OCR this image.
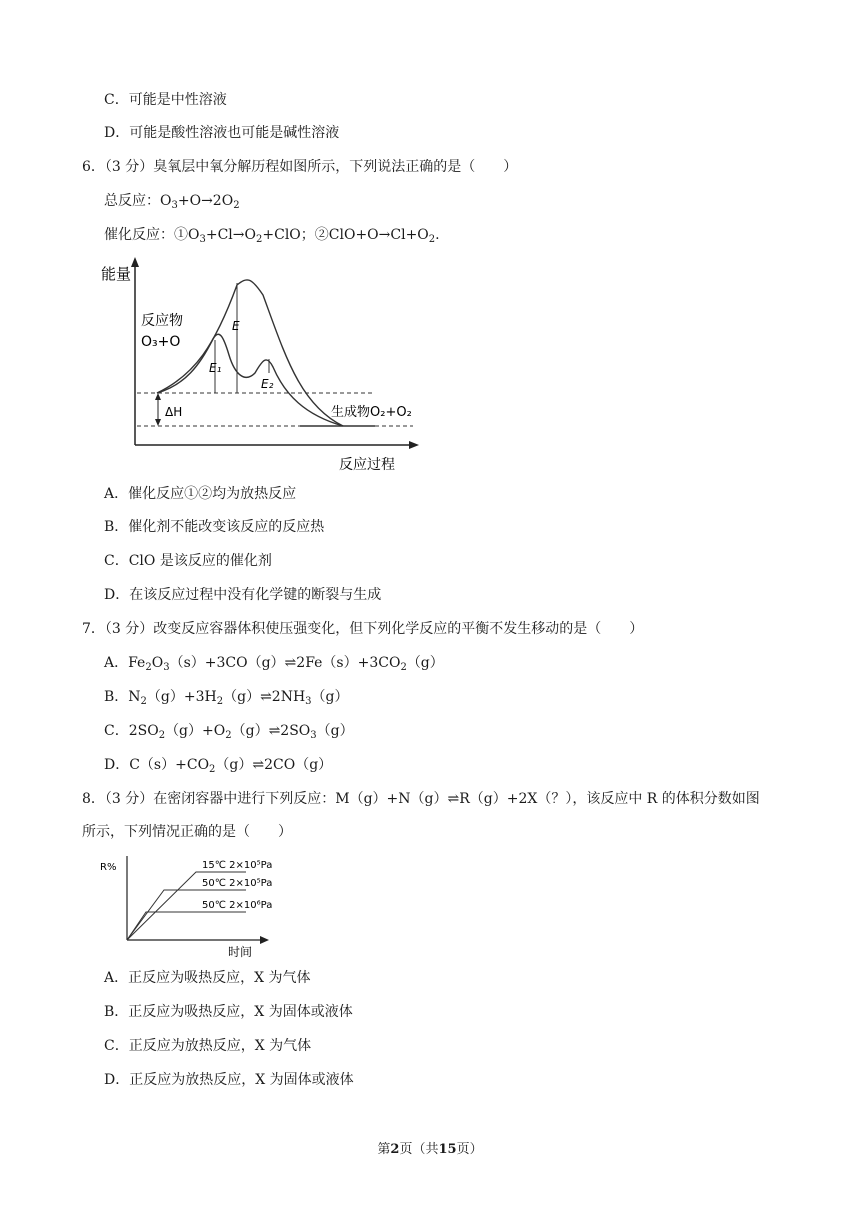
C．可能是中性溶液
D．可能是酸性溶液也可能是碱性溶液
6．（3 分）臭氧层中氧分解历程如图所示，下列说法正确的是（　　）
总反应：$O_3+O\to 2O_2$
催化反应：$①O_3+Cl\to O_2+ClO$；$②ClO+O\to Cl+O_2$.
能量
反应过程
E
E₁
E₂
ΔH
反应物
O₃+O
生成物O₂+O₂
A．催化反应①②均为放热反应
B．催化剂不能改变该反应的反应热
C．ClO 是该反应的催化剂
D．在该反应过程中没有化学键的断裂与生成
7．（3 分）改变反应容器体积使压强变化，但下列化学反应的平衡不发生移动的是（　　）
A．$Fe_2O_3(s)+3CO(g)\rightleftharpoons 2Fe(s)+3CO_2(g)$
B．$N_2(g)+3H_2(g)\rightleftharpoons 2NH_3(g)$
C．$2SO_2(g)+O_2(g)\rightleftharpoons 2SO_3(g)$
D．$C(s)+CO_2(g)\rightleftharpoons 2CO(g)$
8．（3 分）在密闭容器中进行下列反应：M（g）+N（g）⇌R（g）+2X（？），该反应中 R 的体积分数如图
所示，下列情况正确的是（　　）
R%
时间
15℃ 2×10⁵Pa
50℃ 2×10⁵Pa
50℃ 2×10⁶Pa
A．正反应为吸热反应，X 为气体
B．正反应为吸热反应，X 为固体或液体
C．正反应为放热反应，X 为气体
D．正反应为放热反应，X 为固体或液体
第2页（共15页）
